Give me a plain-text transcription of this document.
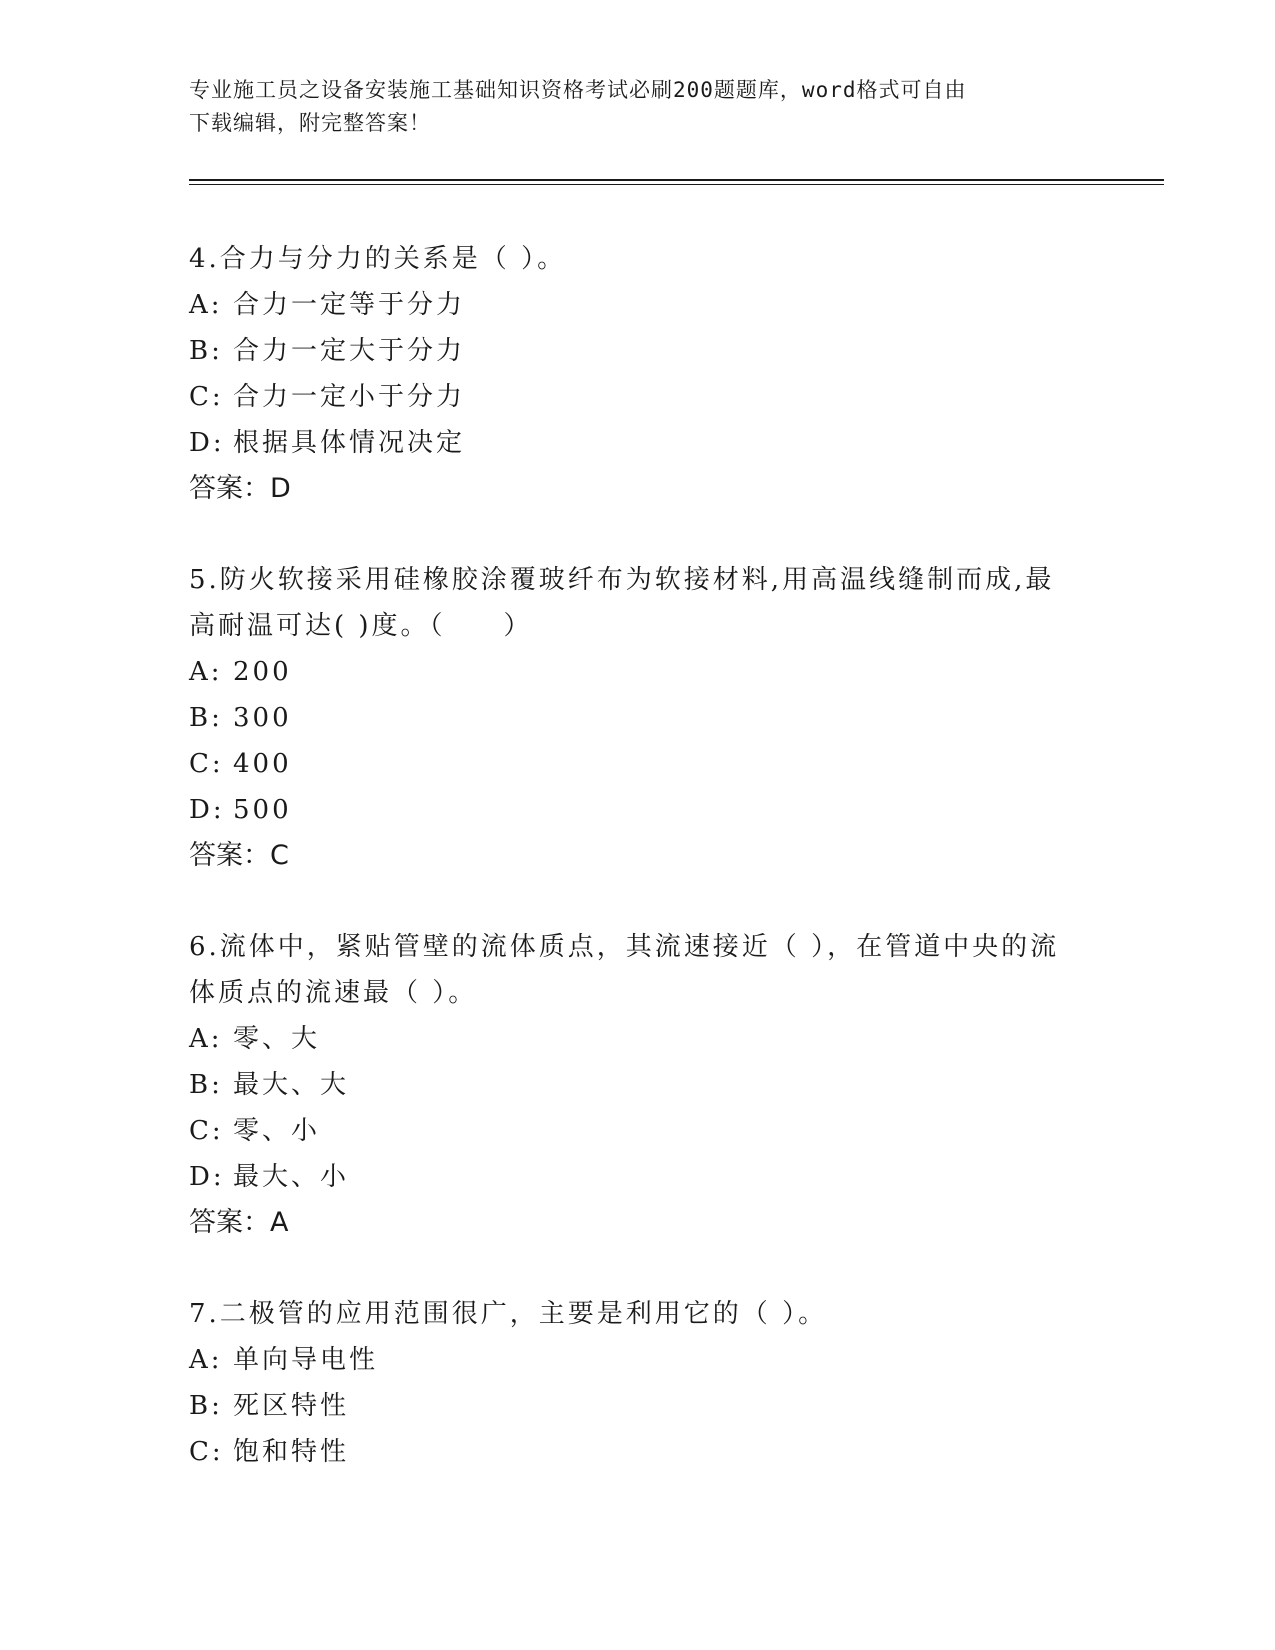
专业施工员之设备安装施工基础知识资格考试必刷200题题库，word格式可自由
下载编辑，附完整答案！
4.合力与分力的关系是（ ）。
A: 合力一定等于分力
B: 合力一定大于分力
C: 合力一定小于分力
D: 根据具体情况决定
答案：D
5.防火软接采用硅橡胶涂覆玻纤布为软接材料,用高温线缝制而成,最
高耐温可达( )度。（　　）
A: 200
B: 300
C: 400
D: 500
答案：C
6.流体中，紧贴管壁的流体质点，其流速接近（ ），在管道中央的流
体质点的流速最（ ）。
A: 零、大
B: 最大、大
C: 零、小
D: 最大、小
答案：A
7.二极管的应用范围很广，主要是利用它的（ ）。
A: 单向导电性
B: 死区特性
C: 饱和特性
